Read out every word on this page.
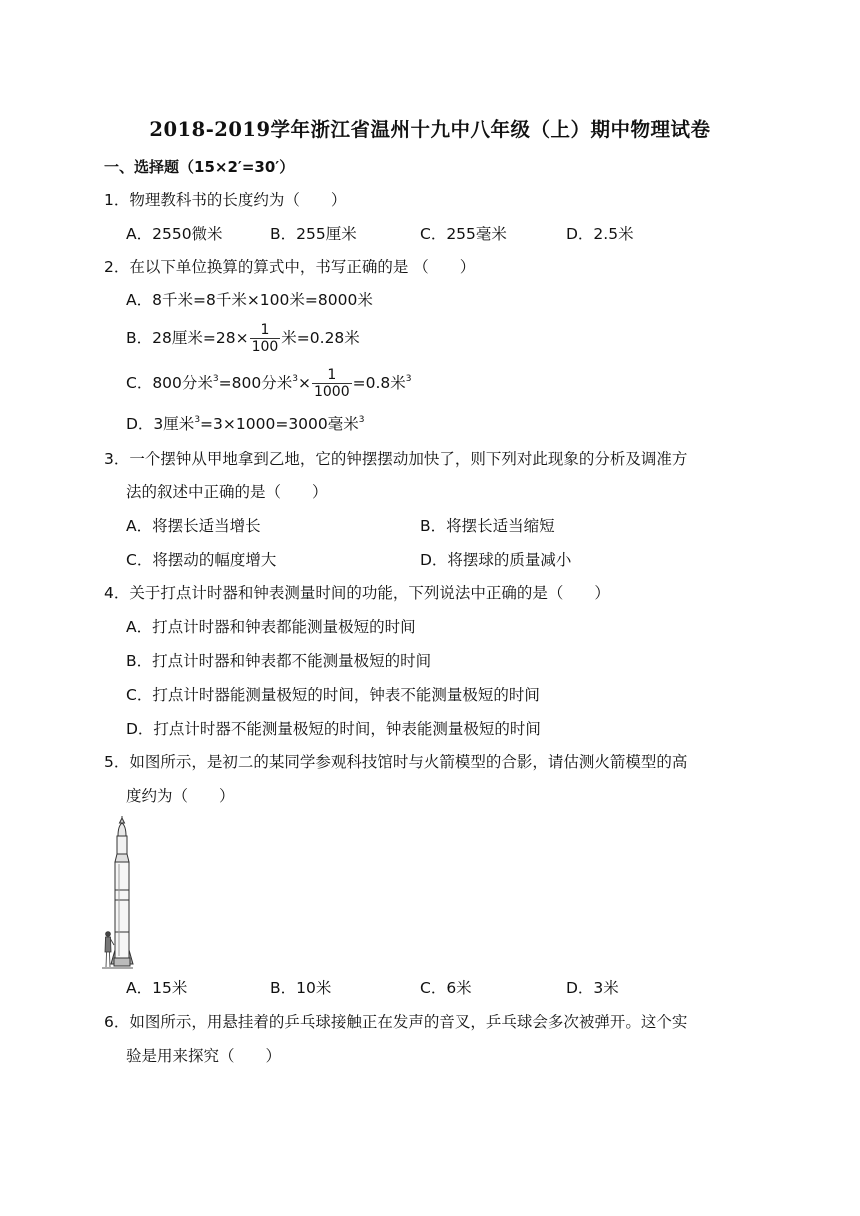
2018-2019学年浙江省温州十九中八年级（上）期中物理试卷
一、选择题（15×2′=30′）
1．物理教科书的长度约为（　　）
A．2550微米	B．255厘米	C．255毫米	D．2.5米
2．在以下单位换算的算式中，书写正确的是 （　　）
A．8千米=8千米×100米=8000米
B．28厘米$=28\times \frac{1}{100}$ 米=0.28米
C．800分米$^3$=800分米$^3\times \frac{1}{1000} =0.8$米$^3$
D．3厘米$^3$=3×1000=3000毫米$^3$
3．一个摆钟从甲地拿到乙地，它的钟摆摆动加快了，则下列对此现象的分析及调准方
法的叙述中正确的是（　　）
A．将摆长适当增长	B．将摆长适当缩短
C．将摆动的幅度增大	D．将摆球的质量减小
4．关于打点计时器和钟表测量时间的功能，下列说法中正确的是（　　）
A．打点计时器和钟表都能测量极短的时间
B．打点计时器和钟表都不能测量极短的时间
C．打点计时器能测量极短的时间，钟表不能测量极短的时间
D．打点计时器不能测量极短的时间，钟表能测量极短的时间
5．如图所示，是初二的某同学参观科技馆时与火箭模型的合影，请估测火箭模型的高
度约为（　　）
A．15米	B．10米	C．6米	D．3米
6．如图所示，用悬挂着的乒乓球接触正在发声的音叉，乒乓球会多次被弹开。这个实
验是用来探究（　　）
